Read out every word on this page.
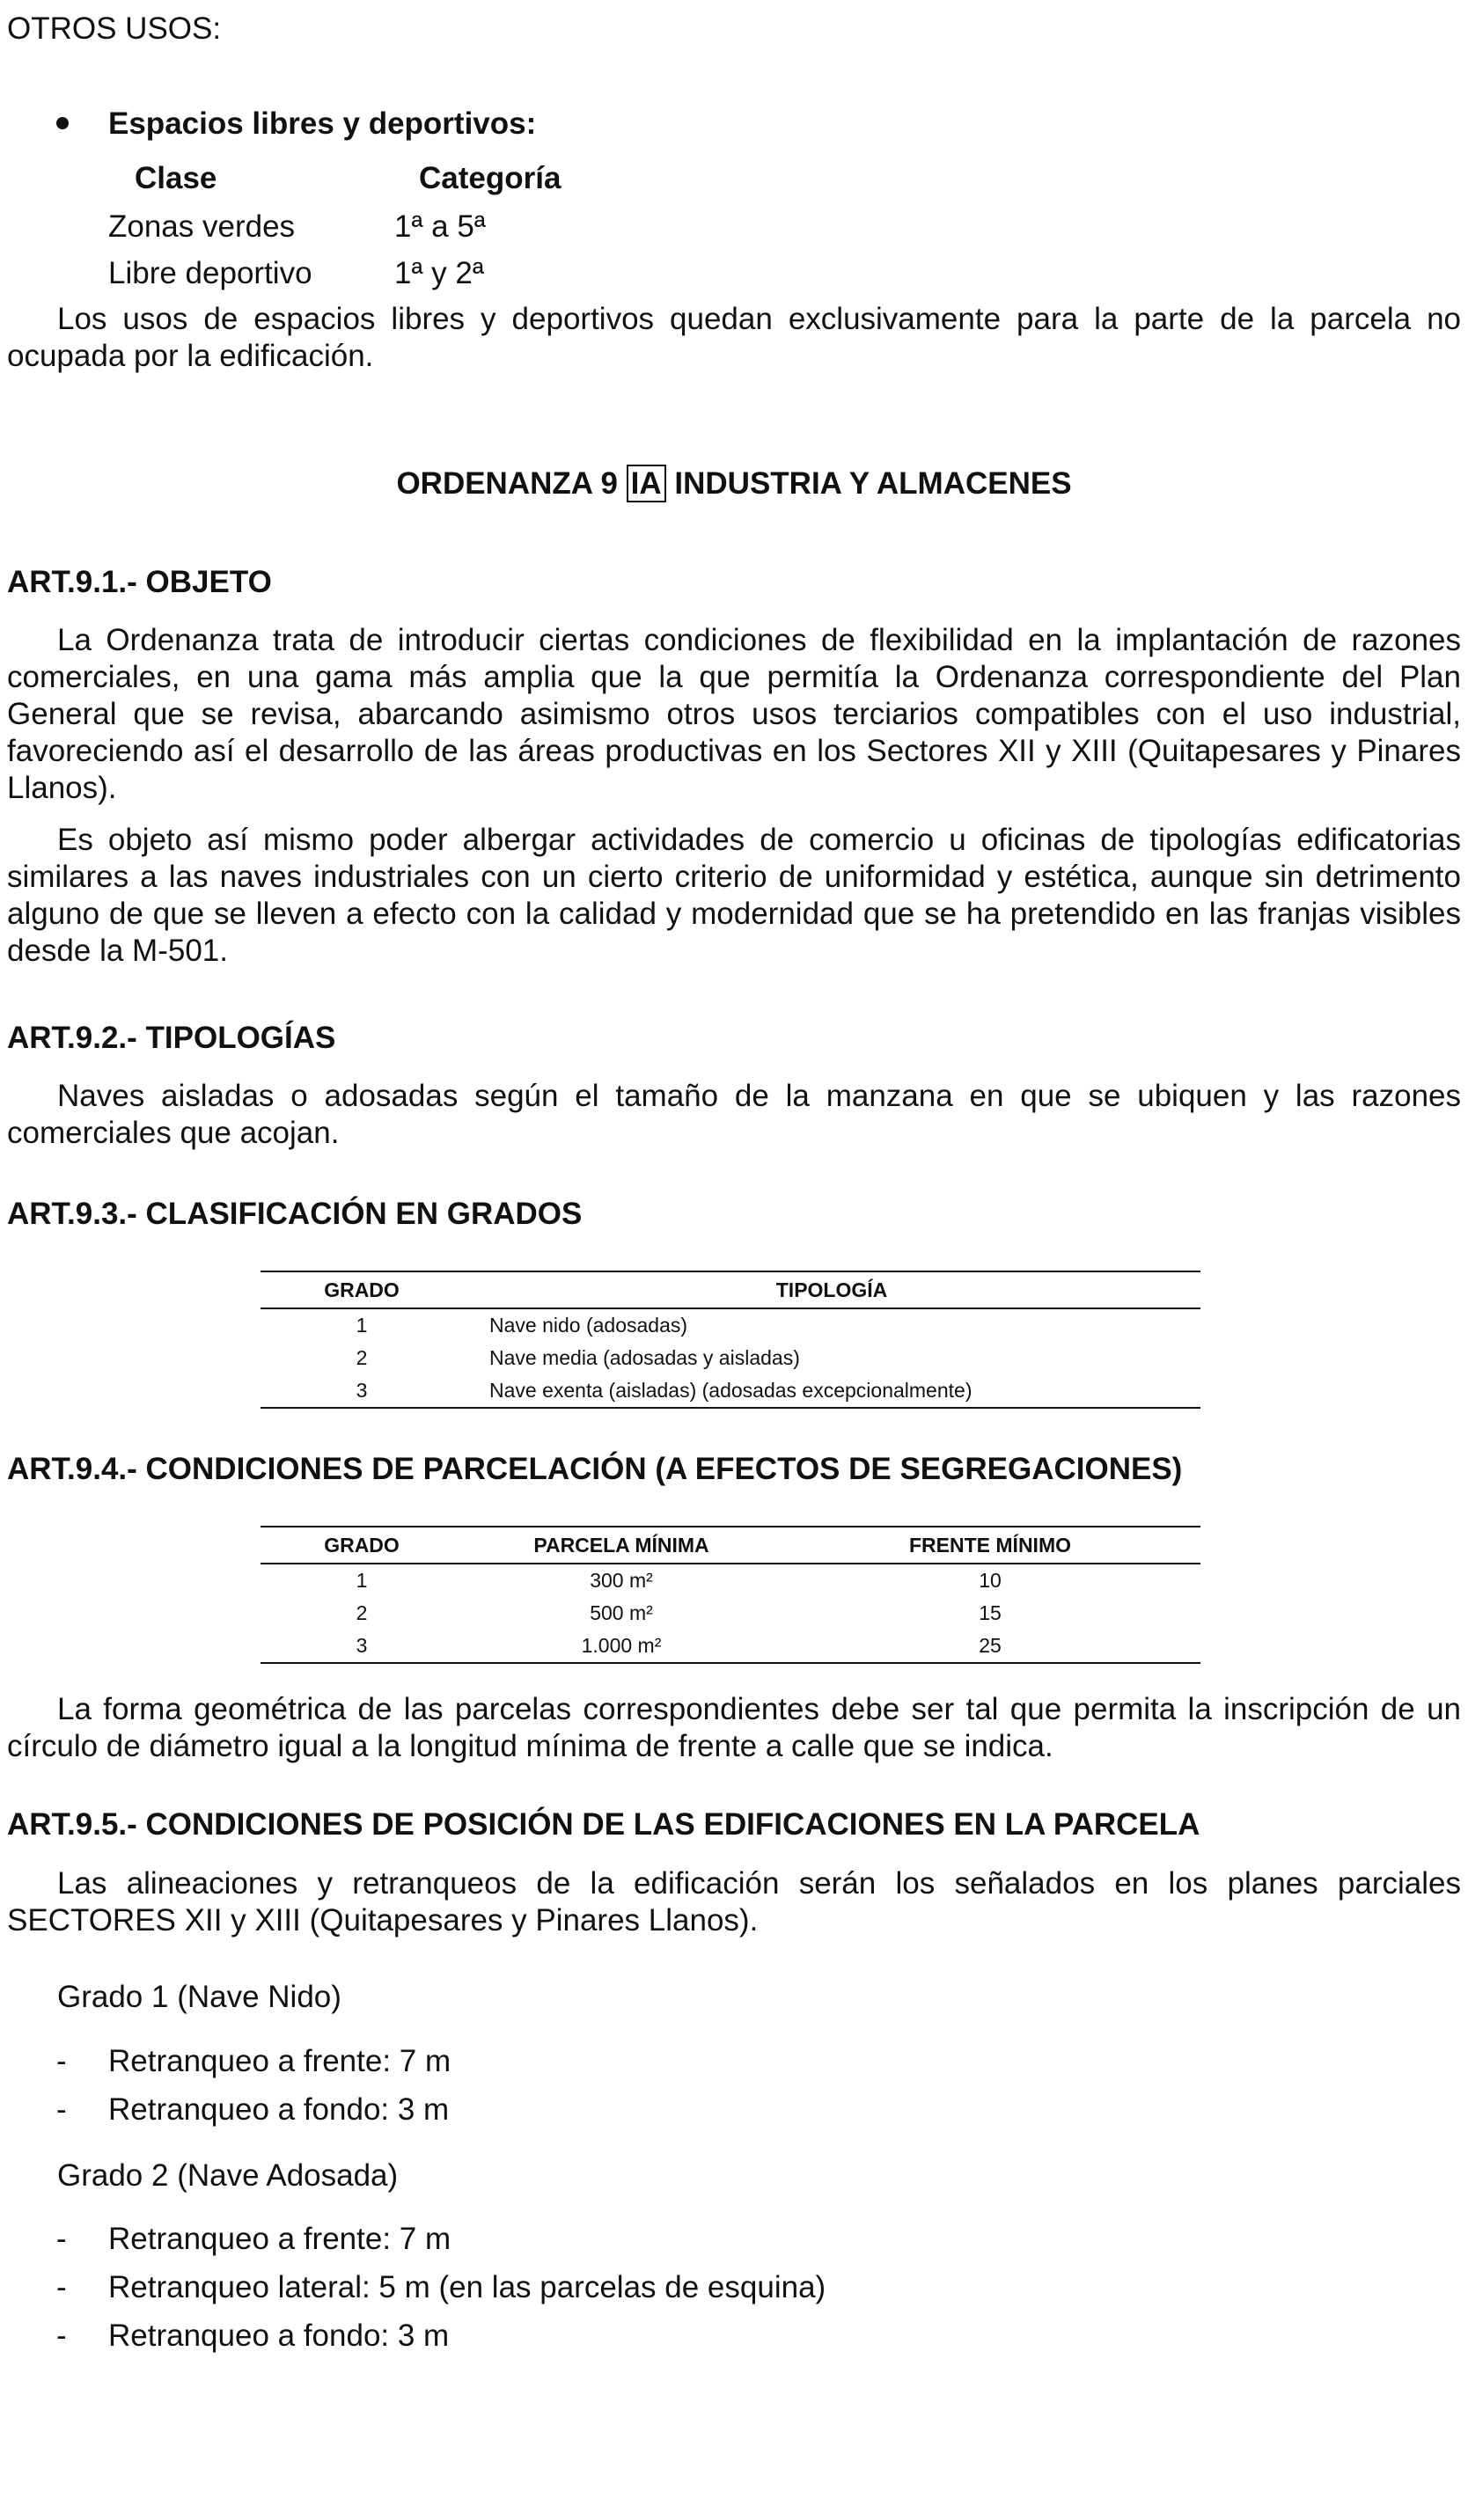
OTROS USOS:
Espacios libres y deportivos:
Clase	Categoría
Zonas verdes	1ª a 5ª
Libre deportivo	1ª y 2ª
Los usos de espacios libres y deportivos quedan exclusivamente para la parte de la parcela no ocupada por la edificación.
ORDENANZA 9 IA INDUSTRIA Y ALMACENES
ART.9.1.- OBJETO
La Ordenanza trata de introducir ciertas condiciones de flexibilidad en la implantación de razones comerciales, en una gama más amplia que la que permitía la Ordenanza correspondiente del Plan General que se revisa, abarcando asimismo otros usos terciarios compatibles con el uso industrial, favoreciendo así el desarrollo de las áreas productivas en los Sectores XII y XIII (Quitapesares y Pinares Llanos).
Es objeto así mismo poder albergar actividades de comercio u oficinas de tipologías edificatorias similares a las naves industriales con un cierto criterio de uniformidad y estética, aunque sin detrimento alguno de que se lleven a efecto con la calidad y modernidad que se ha pretendido en las franjas visibles desde la M-501.
ART.9.2.- TIPOLOGÍAS
Naves aisladas o adosadas según el tamaño de la manzana en que se ubiquen y las razones comerciales que acojan.
ART.9.3.- CLASIFICACIÓN EN GRADOS
GRADO	TIPOLOGÍA
1	Nave nido (adosadas)
2	Nave media (adosadas y aisladas)
3	Nave exenta (aisladas) (adosadas excepcionalmente)
ART.9.4.- CONDICIONES DE PARCELACIÓN (A EFECTOS DE SEGREGACIONES)
GRADO	PARCELA MÍNIMA	FRENTE MÍNIMO
1	300 m²	10
2	500 m²	15
3	1.000 m²	25
La forma geométrica de las parcelas correspondientes debe ser tal que permita la inscripción de un círculo de diámetro igual a la longitud mínima de frente a calle que se indica.
ART.9.5.- CONDICIONES DE POSICIÓN DE LAS EDIFICACIONES EN LA PARCELA
Las alineaciones y retranqueos de la edificación serán los señalados en los planes parciales SECTORES XII y XIII (Quitapesares y Pinares Llanos).
Grado 1 (Nave Nido)
- Retranqueo a frente: 7 m
- Retranqueo a fondo: 3 m
Grado 2 (Nave Adosada)
- Retranqueo a frente: 7 m
- Retranqueo lateral: 5 m (en las parcelas de esquina)
- Retranqueo a fondo: 3 m
